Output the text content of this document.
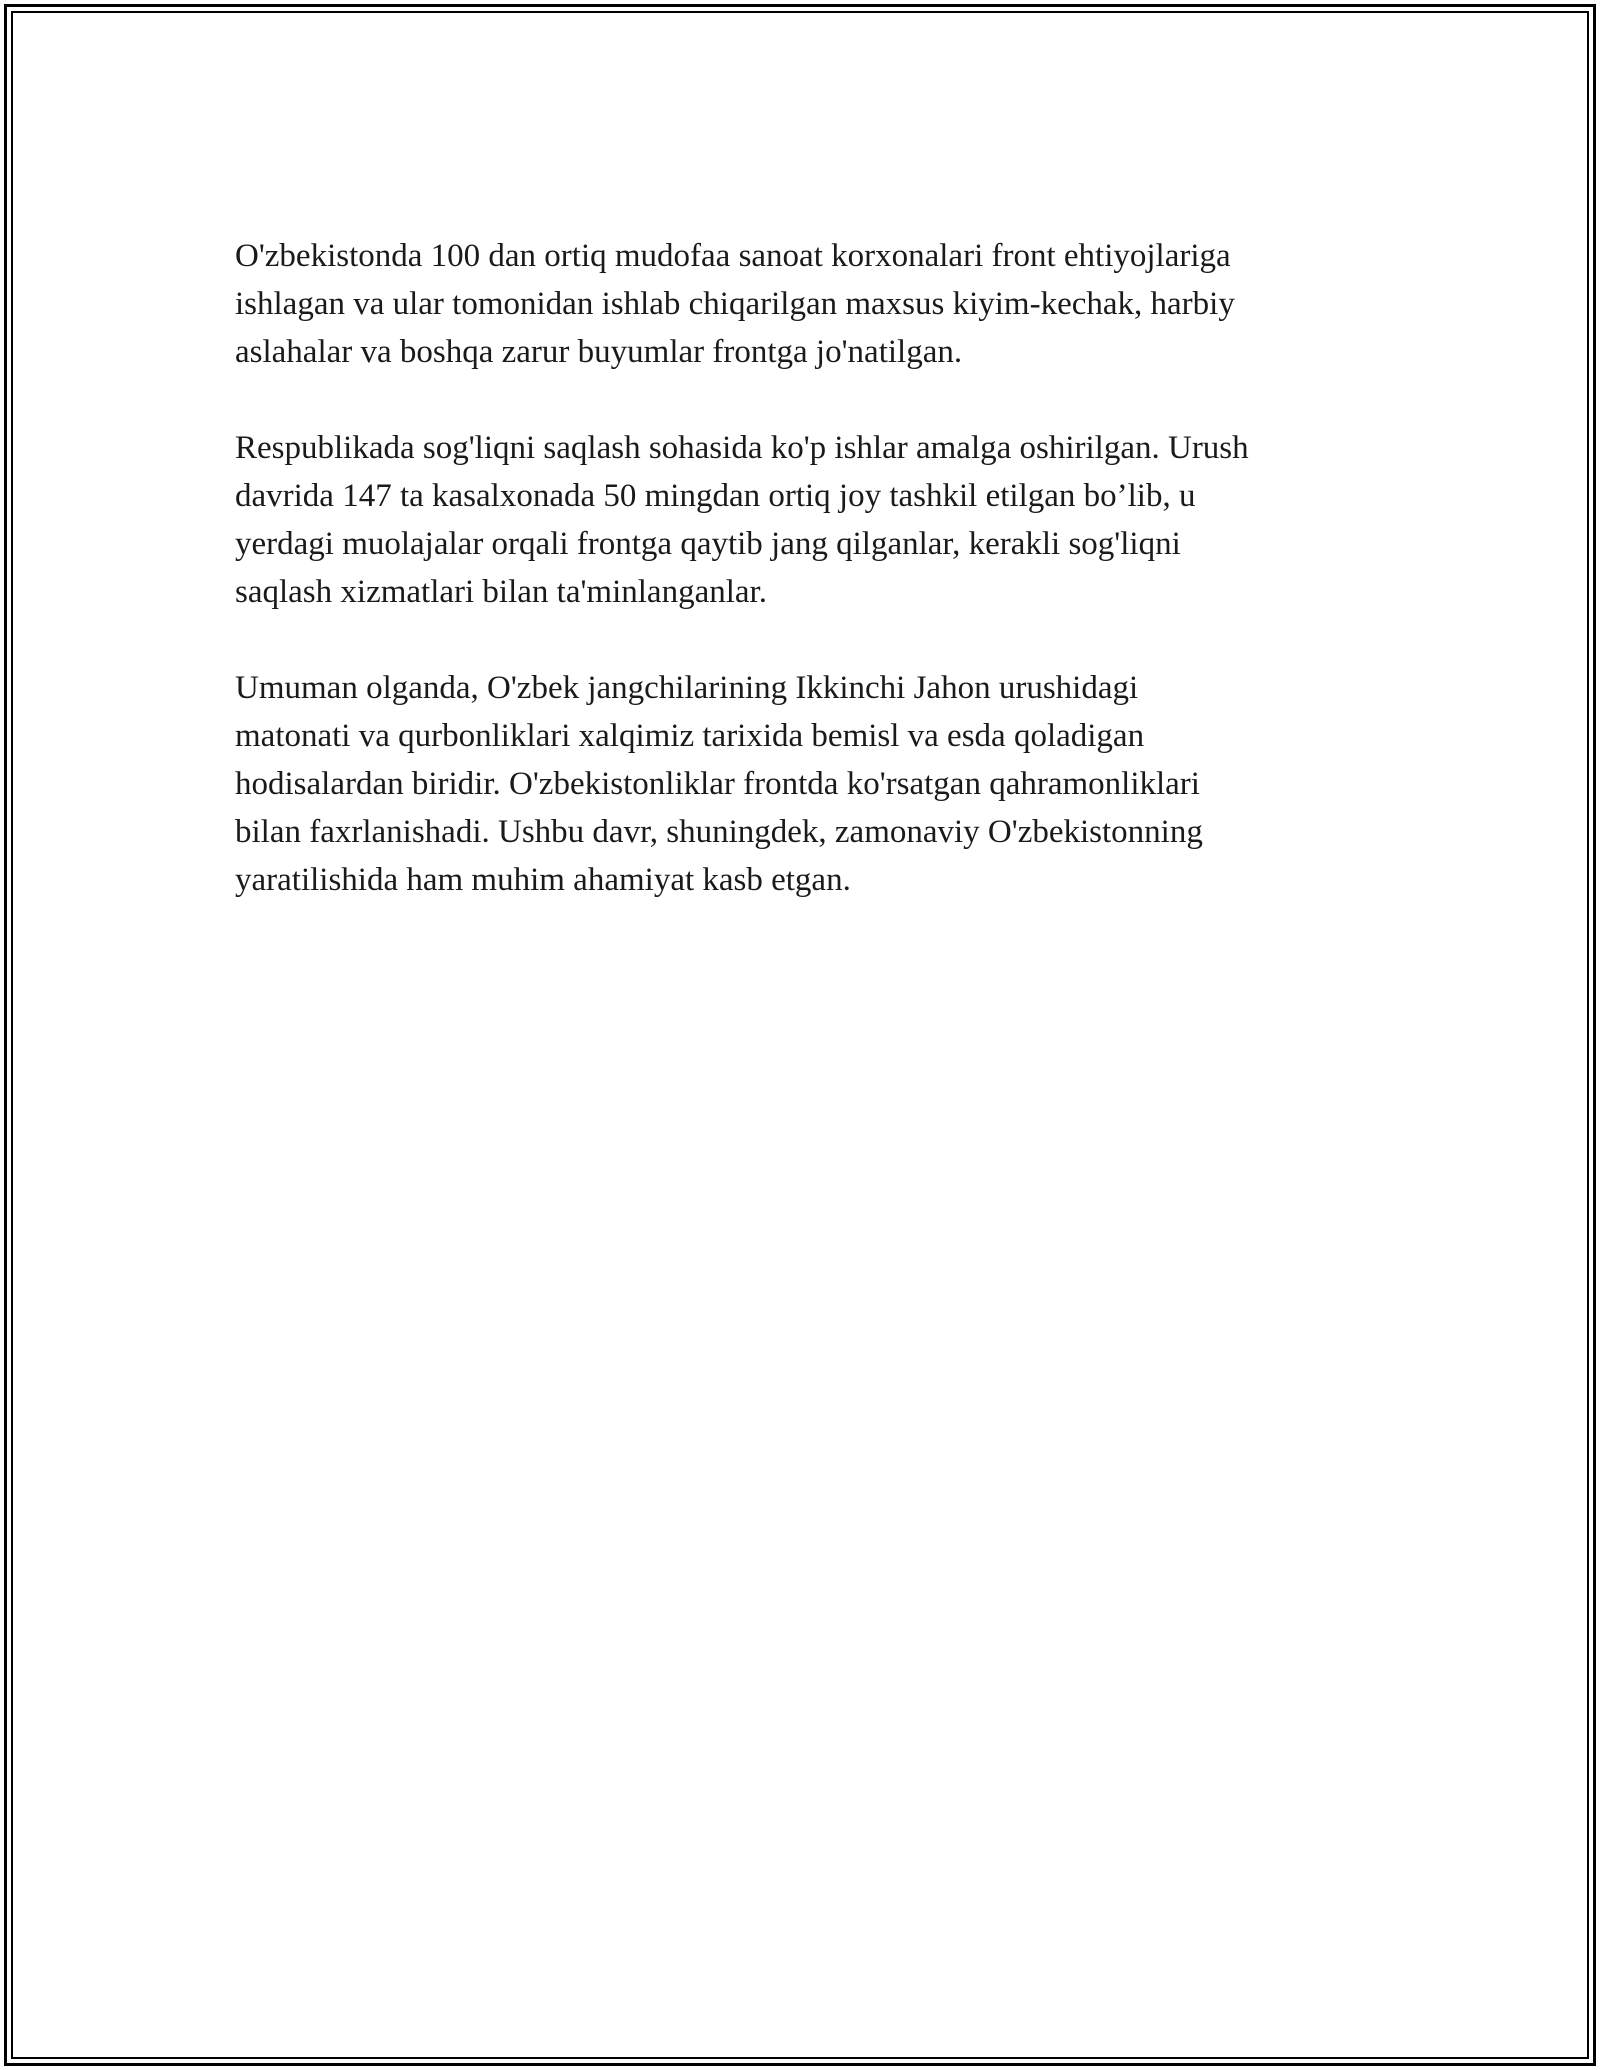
O'zbekistonda 100 dan ortiq mudofaa sanoat korxonalari front ehtiyojlariga
ishlagan va ular tomonidan ishlab chiqarilgan maxsus kiyim-kechak, harbiy
aslahalar va boshqa zarur buyumlar frontga jo'natilgan.

Respublikada sog'liqni saqlash sohasida ko'p ishlar amalga oshirilgan. Urush
davrida 147 ta kasalxonada 50 mingdan ortiq joy tashkil etilgan bo’lib, u
yerdagi muolajalar orqali frontga qaytib jang qilganlar, kerakli sog'liqni
saqlash xizmatlari bilan ta'minlanganlar.

Umuman olganda, O'zbek jangchilarining Ikkinchi Jahon urushidagi
matonati va qurbonliklari xalqimiz tarixida bemisl va esda qoladigan
hodisalardan biridir. O'zbekistonliklar frontda ko'rsatgan qahramonliklari
bilan faxrlanishadi. Ushbu davr, shuningdek, zamonaviy O'zbekistonning
yaratilishida ham muhim ahamiyat kasb etgan.
